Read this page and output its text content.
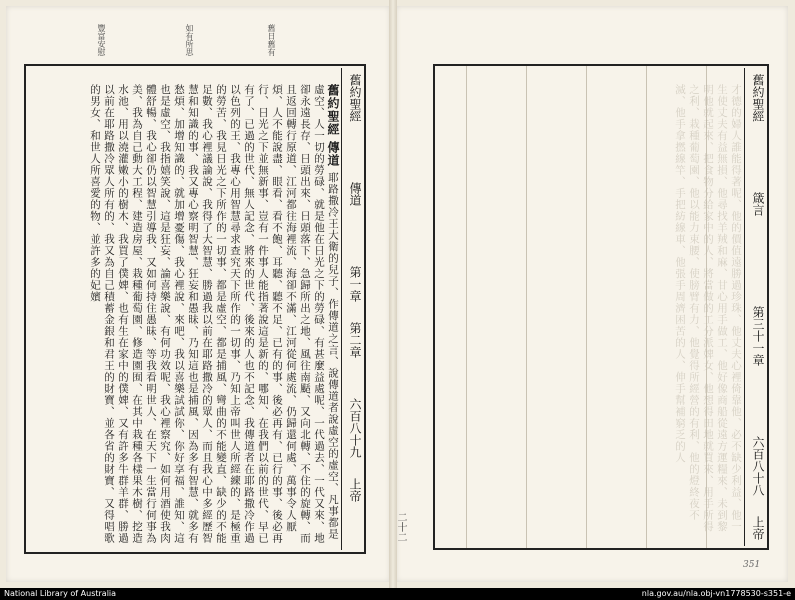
豐富安慰	如有所思	舊日舊有
舊約聖經 傳道 耶路撒冷王大衛的兒子、作傳道之言、說傳道者說虛空的虛空、凡事都是虛空、人一切的勞碌、就是他在日光之下的勞碌、有甚麼益處呢、一代過去、一代又來、地卻永遠長存、日頭出來、日頭落下、急歸所出之地、風往南颳、又向北轉、不住的旋轉、而且返回轉行原道、江河都往海裡流、海卻不滿、江河從何處流、仍歸還何處、萬事令人厭煩、人不能說盡、眼看、看不飽、耳聽、聽不足、已有的事、後必再有、已行的事、後必再行、日光之下並無新事、豈有一件事人能指著說這是新的、哪知、在我們以前的世代、早已有了、已過的世代、無人記念、將來的世代、後來的人也不記念、我傳道者在耶路撒冷作過以色列的王、我專心用智慧尋求查究天下所作的一切事、乃知上帝叫世人所經練的、是極重的勞苦、我見日光之下所作的一切事、都是虛空、都是捕風、彎曲的不能變直、缺少的不能足數、我心裡議論說、我得了大智慧、勝過我以前在耶路撒冷的眾人、而且我心中多經歷智慧和知識的事、我又專心察明智慧、狂妄和愚昧、乃知這也是捕風、因為多有智慧、就多有愁煩、加增知識的、就加增憂傷、我心裡說、來吧、我以喜樂試試你、你好享福、誰知、這也是虛空、我指嬉笑說、這是狂妄、論喜樂說、有何功效呢、我心裡察究、如何用酒使我肉體舒暢、我心卻仍以智慧引導我、又如何持住愚昧、等我看明世人、在天下一生當行何事為美、我為自己動大工程、建造房屋、栽種葡萄園、修造園囿、在其中栽種各樣果木樹、挖造水池、用以澆灌嫩小的樹木、我買了僕婢、也有生在家中的僕婢、又有許多牛群羊群、勝過以前在耶路撒冷眾人所有的、我又為自己積蓄金銀和君王的財寶、並各省的財寶、又得唱歌的男女、和世人所喜愛的物、並許多的妃嬪	舊約聖經
傳道
第一章
第二章
六百八十九
上帝	才德的婦人誰能得著呢、他的價值遠勝過珍珠、他丈夫心裡倚靠他、必不缺少利益、他一生使丈夫有益無損、他尋找羊羢和麻、甘心用手做工、他好像商船從遠方運糧來、未到黎明他就起來、把食物分給家中的人、將當做的工分派婢女、他想得田地就買來、用手所得之利、栽種葡萄園、他以能力束腰、使膀臂有力、他覺得所經營的有利、他的燈終夜不滅、他手拿撚線竿、手把紡線車、他張手周濟困苦的人、伸手幫補窮乏的人	舊約聖經
箴言
第三十一章
六百八十八
上帝
二十二
351
National Library of Australia	nla.gov.au/nla.obj-vn1778530-s351-e
